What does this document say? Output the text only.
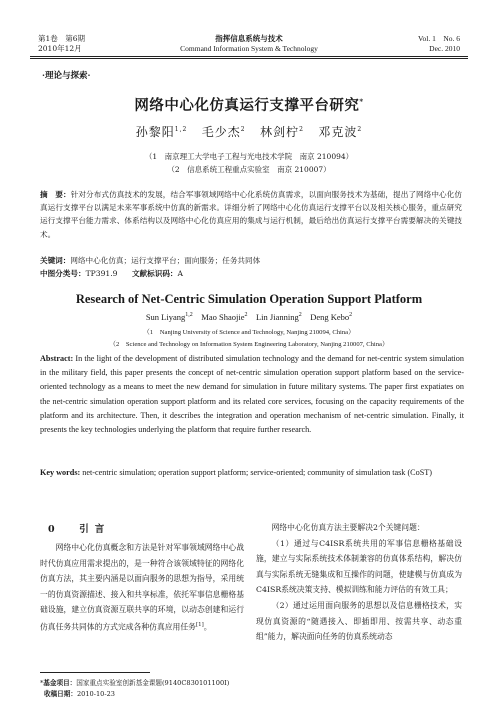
第1卷　第6期
2010年12月
指挥信息系统与技术
Command Information System & Technology
Vol. 1　No. 6
Dec. 2010
·理论与探索·
网络中心化仿真运行支撑平台研究*
孙黎阳$^{1,2}$ 毛少杰$^2$ 林剑柠$^2$ 邓克波$^2$
（1　南京理工大学电子工程与光电技术学院　南京 210094）
（2　信息系统工程重点实验室　南京 210007）
摘　要：针对分布式仿真技术的发展，结合军事领域网络中心化系统仿真需求，以面向服务技术为基础，提出了网络中心化仿真运行支撑平台以满足未来军事系统中仿真的新需求。详细分析了网络中心化仿真运行支撑平台以及相关核心服务，重点研究运行支撑平台能力需求、体系结构以及网络中心化仿真应用的集成与运行机制，最后给出仿真运行支撑平台需要解决的关键技术。
关键词：网络中心化仿真；运行支撑平台；面向服务；任务共同体
中图分类号：TP391.9 文献标识码：A
Research of Net-Centric Simulation Operation Support Platform
Sun Liyang$^{1,2}$ Mao Shaojie$^2$ Lin Jianning$^2$ Deng Kebo$^2$
（1　Nanjing University of Science and Technology, Nanjing 210094, China）
（2　Science and Technology on Information System Engineering Laboratory, Nanjing 210007, China）
Abstract: In the light of the development of distributed simulation technology and the demand for net-centric system simulation in the military field, this paper presents the concept of net-centric simulation operation support platform based on the service-oriented technology as a means to meet the new demand for simulation in future military systems. The paper first expatiates on the net-centric simulation operation support platform and its related core services, focusing on the capacity requirements of the platform and its architecture. Then, it describes the integration and operation mechanism of net-centric simulation. Finally, it presents the key technologies underlying the platform that require further research.
Key words: net-centric simulation; operation support platform; service-oriented; community of simulation task (CoST)
0 引言
网络中心化仿真概念和方法是针对军事领域网络中心战时代仿真应用需求提出的，是一种符合该领域特征的网络化仿真方法，其主要内涵是以面向服务的思想为指导，采用统一的仿真资源描述、接入和共享标准，依托军事信息栅格基础设施，建立仿真资源互联共享的环境，以动态创建和运行仿真任务共同体的方式完成各种仿真应用任务[1]。

网络中心化仿真方法主要解决2个关键问题：

（1）通过与C4ISR系统共用的军事信息栅格基础设施，建立与实际系统技术体制兼容的仿真体系结构，解决仿真与实际系统无缝集成和互操作的问题，使建模与仿真成为C4ISR系统决策支持、模拟训练和能力评估的有效工具；

（2）通过运用面向服务的思想以及信息栅格技术，实现仿真资源的“随遇接入、即插即用、按需共享、动态重组”能力，解决面向任务的仿真系统动态

*基金项目：国家重点实验室创新基金课题(9140C830101100I)
收稿日期：2010-10-23
